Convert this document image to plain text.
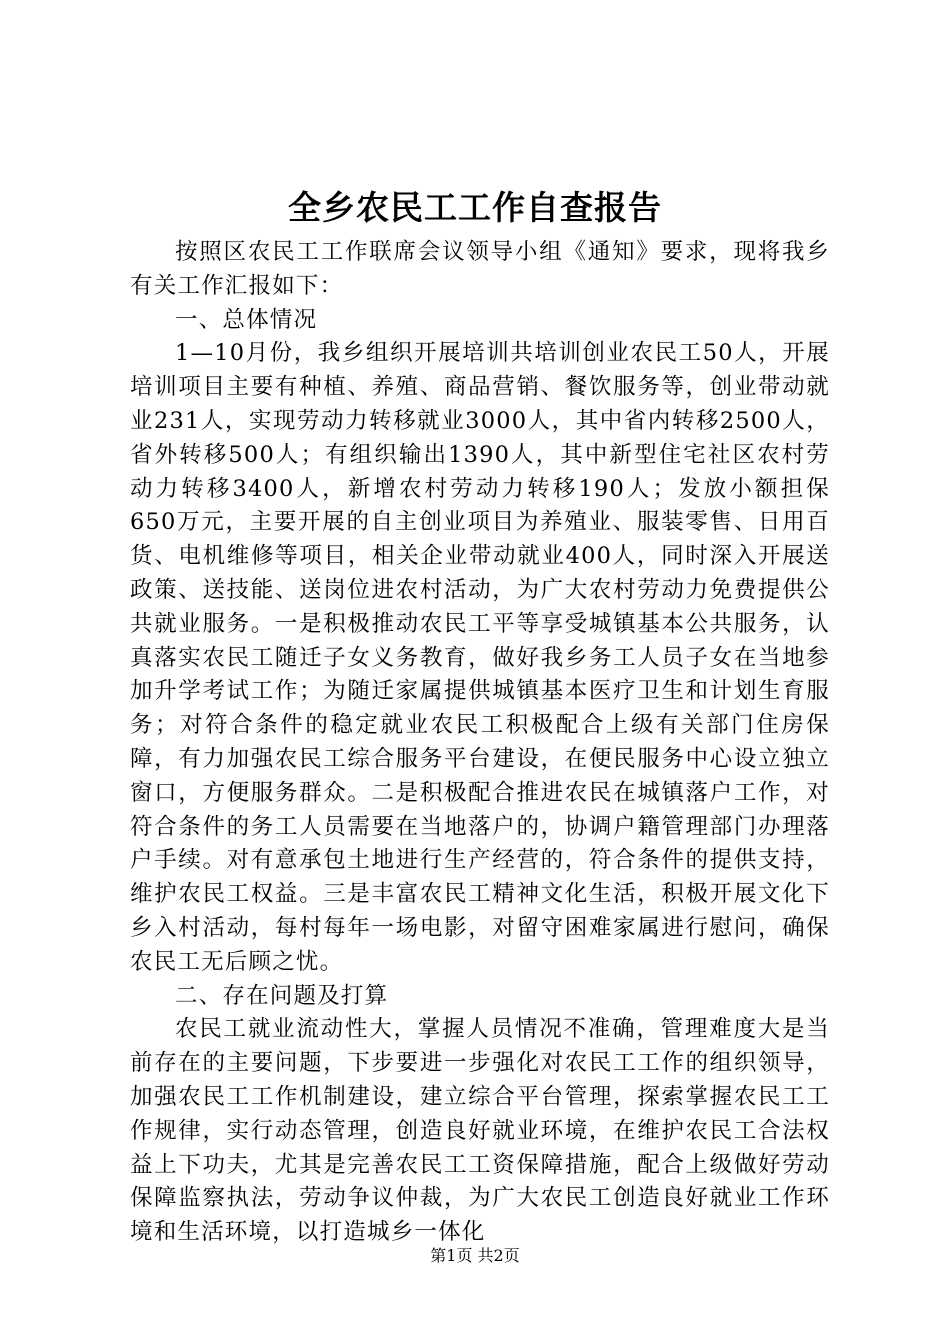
全乡农民工工作自查报告

按照区农民工工作联席会议领导小组《通知》要求，现将我乡有关工作汇报如下：

一、总体情况

1—10月份，我乡组织开展培训共培训创业农民工50人，开展培训项目主要有种植、养殖、商品营销、餐饮服务等，创业带动就业231人，实现劳动力转移就业3000人，其中省内转移2500人，省外转移500人；有组织输出1390人，其中新型住宅社区农村劳动力转移3400人，新增农村劳动力转移190人；发放小额担保650万元，主要开展的自主创业项目为养殖业、服装零售、日用百货、电机维修等项目，相关企业带动就业400人，同时深入开展送政策、送技能、送岗位进农村活动，为广大农村劳动力免费提供公共就业服务。一是积极推动农民工平等享受城镇基本公共服务，认真落实农民工随迁子女义务教育，做好我乡务工人员子女在当地参加升学考试工作；为随迁家属提供城镇基本医疗卫生和计划生育服务；对符合条件的稳定就业农民工积极配合上级有关部门住房保障，有力加强农民工综合服务平台建设，在便民服务中心设立独立窗口，方便服务群众。二是积极配合推进农民在城镇落户工作，对符合条件的务工人员需要在当地落户的，协调户籍管理部门办理落户手续。对有意承包土地进行生产经营的，符合条件的提供支持，维护农民工权益。三是丰富农民工精神文化生活，积极开展文化下乡入村活动，每村每年一场电影，对留守困难家属进行慰问，确保农民工无后顾之忧。

二、存在问题及打算

农民工就业流动性大，掌握人员情况不准确，管理难度大是当前存在的主要问题，下步要进一步强化对农民工工作的组织领导，加强农民工工作机制建设，建立综合平台管理，探索掌握农民工工作规律，实行动态管理，创造良好就业环境，在维护农民工合法权益上下功夫，尤其是完善农民工工资保障措施，配合上级做好劳动保障监察执法，劳动争议仲裁，为广大农民工创造良好就业工作环境和生活环境，以打造城乡一体化

第1页 共2页
